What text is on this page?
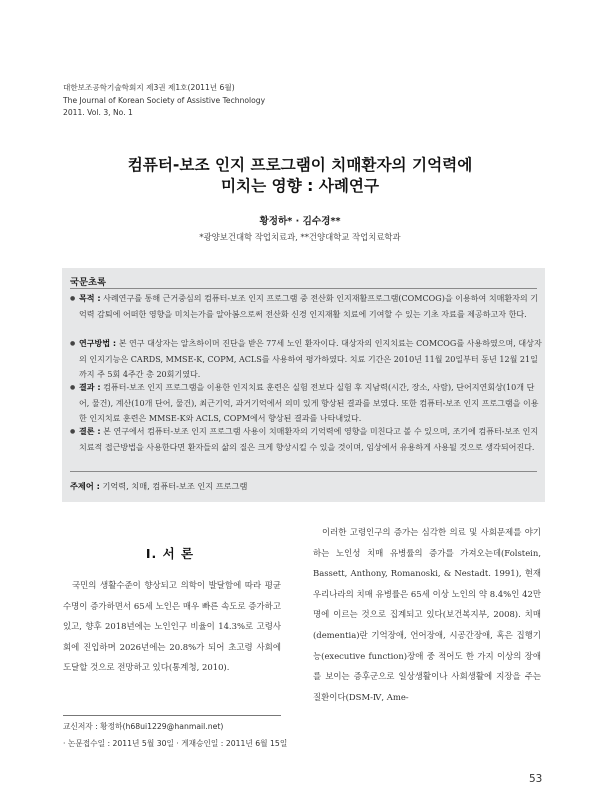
대한보조공학기술학회지 제3권 제1호(2011년 6월)
The Journal of Korean Society of Assistive Technology
2011. Vol. 3, No. 1
컴퓨터-보조 인지 프로그램이 치매환자의 기억력에
미치는 영향 : 사례연구
황정하* · 김수경**
*광양보건대학 작업치료과, **건양대학교 작업치료학과
국문초록
● 목적 : 사례연구를 통해 근거중심의 컴퓨터-보조 인지 프로그램 중 전산화 인지재활프로그램(COMCOG)을 이용하여 치매환자의 기억력 감퇴에 어떠한 영향을 미치는가를 알아봄으로써 전산화 신경 인지재활 치료에 기여할 수 있는 기초 자료를 제공하고자 한다.
● 연구방법 : 본 연구 대상자는 알츠하이머 진단을 받은 77세 노인 환자이다. 대상자의 인지치료는 COMCOG를 사용하였으며, 대상자의 인지기능은 CARDS, MMSE-K, COPM, ACLS를 사용하여 평가하였다. 치료 기간은 2010년 11월 20일부터 동년 12월 21일까지 주 5회 4주간 총 20회기였다.
● 결과 : 컴퓨터-보조 인지 프로그램을 이용한 인지치료 훈련은 실험 전보다 실험 후 지남력(시간, 장소, 사람), 단어지연회상(10개 단어, 물건), 계산(10개 단어, 물건), 최근기억, 과거기억에서 의미 있게 향상된 결과를 보였다. 또한 컴퓨터-보조 인지 프로그램을 이용한 인지치료 훈련은 MMSE-K와 ACLS, COPM에서 향상된 결과를 나타내었다.
● 결론 : 본 연구에서 컴퓨터-보조 인지 프로그램 사용이 치매환자의 기억력에 영향을 미친다고 볼 수 있으며, 조기에 컴퓨터-보조 인지 치료적 접근방법을 사용한다면 환자들의 삶의 질은 크게 향상시킬 수 있을 것이며, 임상에서 유용하게 사용될 것으로 생각되어진다.
주제어 : 기억력, 치매, 컴퓨터-보조 인지 프로그램
Ⅰ. 서 론
국민의 생활수준이 향상되고 의학이 발달함에 따라 평균 수명이 증가하면서 65세 노인은 매우 빠른 속도로 증가하고 있고, 향후 2018년에는 노인인구 비율이 14.3%로 고령사회에 진입하며 2026년에는 20.8%가 되어 초고령 사회에 도달할 것으로 전망하고 있다(통계청, 2010).
이러한 고령인구의 증가는 심각한 의료 및 사회문제를 야기하는 노인성 치매 유병률의 증가를 가져오는데(Folstein, Bassett, Anthony, Romanoski, & Nestadt. 1991), 현재 우리나라의 치매 유병률은 65세 이상 노인의 약 8.4%인 42만 명에 이르는 것으로 집계되고 있다(보건복지부, 2008). 치매(dementia)란 기억장애, 언어장애, 시공간장애, 혹은 집행기능(executive function)장애 중 적어도 한 가지 이상의 장애를 보이는 증후군으로 일상생활이나 사회생활에 지장을 주는 질환이다(DSM-Ⅳ, Ame-
교신저자 : 황정하(h68ui1229@hanmail.net)
· 논문접수일 : 2011년 5월 30일 · 게재승인일 : 2011년 6월 15일
53
